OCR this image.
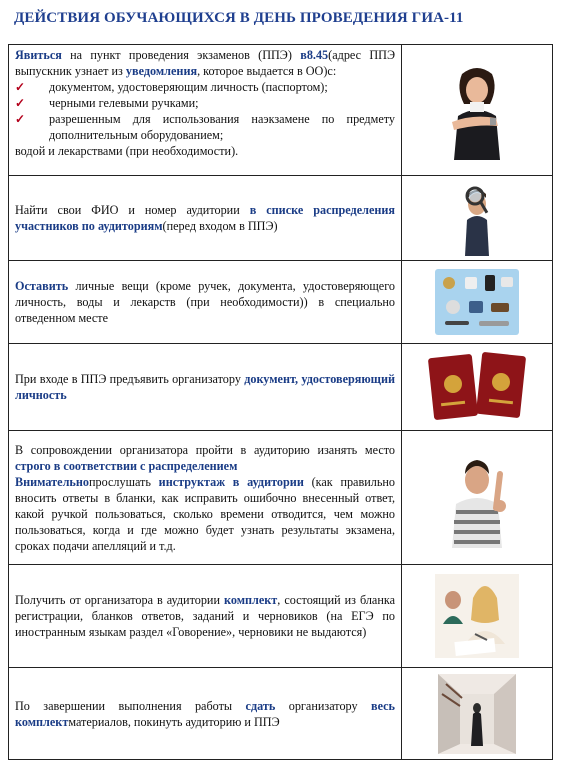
ДЕЙСТВИЯ ОБУЧАЮЩИХСЯ В ДЕНЬ ПРОВЕДЕНИЯ ГИА-11
Явиться на пункт проведения экзаменов (ППЭ) в8.45(адрес ППЭ выпускник узнает из уведомления, которое выдается в ОО)с:
✓	документом, удостоверяющим личность (паспортом);
✓	черными гелевыми ручками;
✓	разрешенным для использования наэкзамене по предмету дополнительным оборудованием;
водой и лекарствами (при необходимости).
Найти свои ФИО и номер аудитории в списке распределения участников по аудиториям(перед входом в ППЭ)
Оставить личные вещи (кроме ручек, документа, удостоверяющего личность, воды и лекарств (при необходимости)) в специально отведенном месте
При входе в ППЭ предъявить организатору документ, удостоверяющий личность
В сопровождении организатора пройти в аудиторию изанять место строго в соответствии с распределением
Внимательнопрослушать инструктаж в аудитории (как правильно вносить ответы в бланки, как исправить ошибочно внесенный ответ, какой ручкой пользоваться, сколько времени отводится, чем можно пользоваться, когда и где можно будет узнать результаты экзамена, сроках подачи апелляций и т.д.
Получить от организатора в аудитории комплект, состоящий из бланка регистрации, бланков ответов, заданий и черновиков (на ЕГЭ по иностранным языкам раздел «Говорение», черновики не выдаются)
По завершении выполнения работы сдать организатору весь комплектматериалов, покинуть аудиторию и ППЭ
